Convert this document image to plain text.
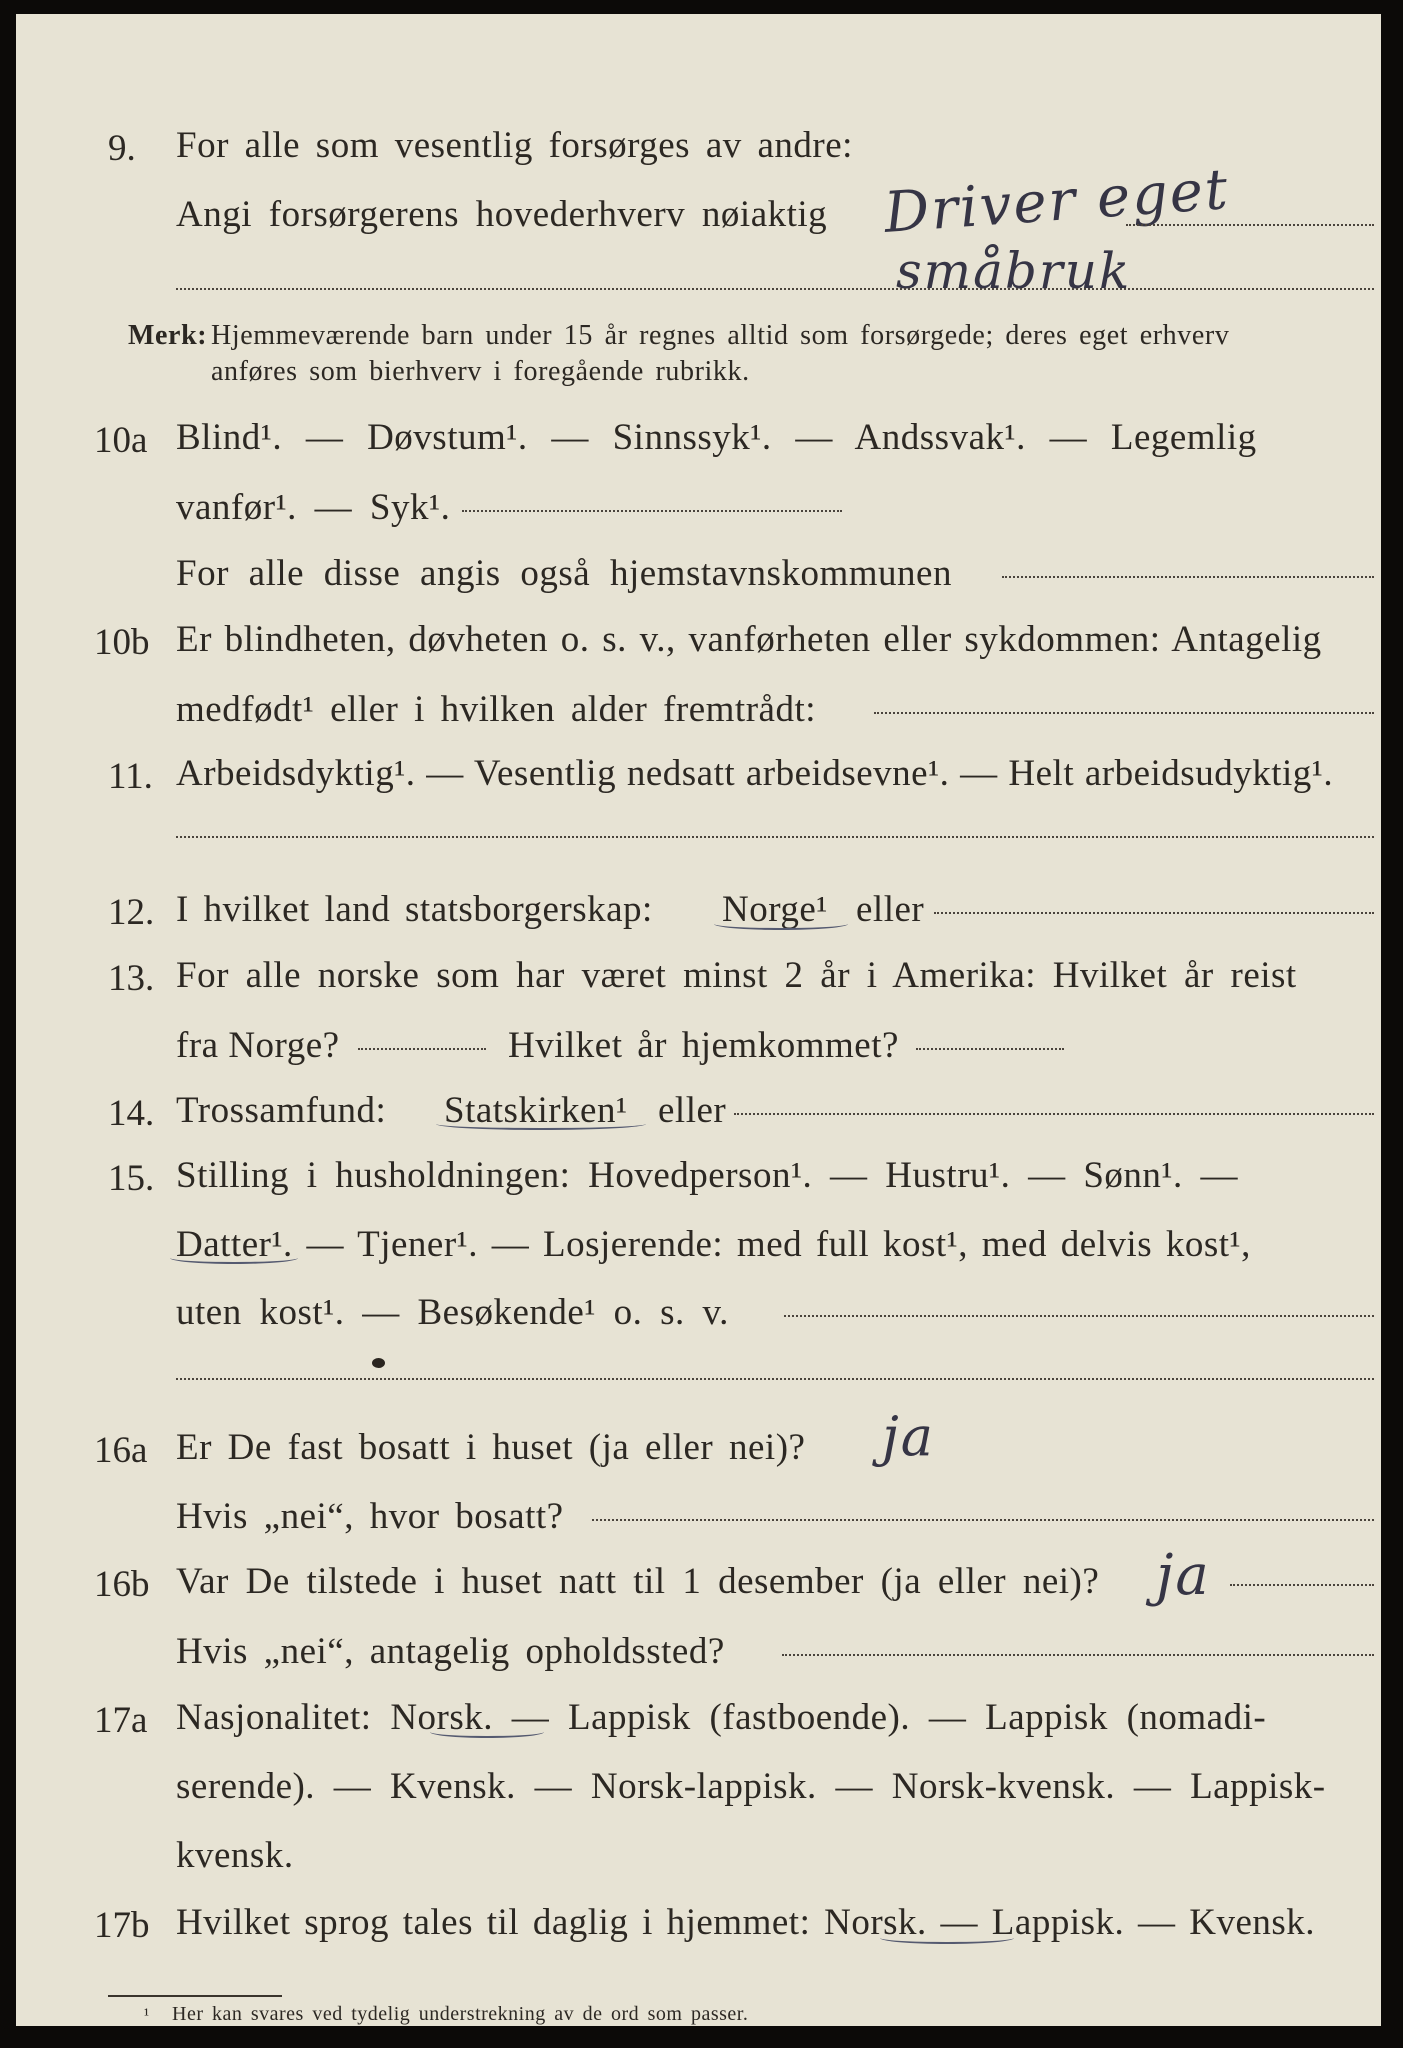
9. For alle som vesentlig forsørges av andre:
Angi forsørgerens hovederhverv nøiaktig Driver eget
småbruk
Merk: Hjemmeværende barn under 15 år regnes alltid som forsørgede; deres eget erhverv
anføres som bierhverv i foregående rubrikk.
10a Blind¹. — Døvstum¹. — Sinnssyk¹. — Andssvak¹. — Legemlig
vanfør¹. — Syk¹.
For alle disse angis også hjemstavnskommunen
10b Er blindheten, døvheten o. s. v., vanførheten eller sykdommen: Antagelig
medfødt¹ eller i hvilken alder fremtrådt:
11. Arbeidsdyktig¹. — Vesentlig nedsatt arbeidsevne¹. — Helt arbeidsudyktig¹.
12. I hvilket land statsborgerskap: Norge¹ eller
13. For alle norske som har været minst 2 år i Amerika: Hvilket år reist
fra Norge?	Hvilket år hjemkommet?
14. Trossamfund: Statskirken¹ eller
15. Stilling i husholdningen: Hovedperson¹. — Hustru¹. — Sønn¹. —
Datter¹. — Tjener¹. — Losjerende: med full kost¹, med delvis kost¹,
uten kost¹. — Besøkende¹ o. s. v.
16a Er De fast bosatt i huset (ja eller nei)? ja
Hvis „nei“, hvor bosatt?
16b Var De tilstede i huset natt til 1 desember (ja eller nei)? ja
Hvis „nei“, antagelig opholdssted?
17a Nasjonalitet: Norsk. — Lappisk (fastboende). — Lappisk (nomadi-
serende). — Kvensk. — Norsk-lappisk. — Norsk-kvensk. — Lappisk-
kvensk.
17b Hvilket sprog tales til daglig i hjemmet: Norsk. — Lappisk. — Kvensk.
¹ Her kan svares ved tydelig understrekning av de ord som passer.
